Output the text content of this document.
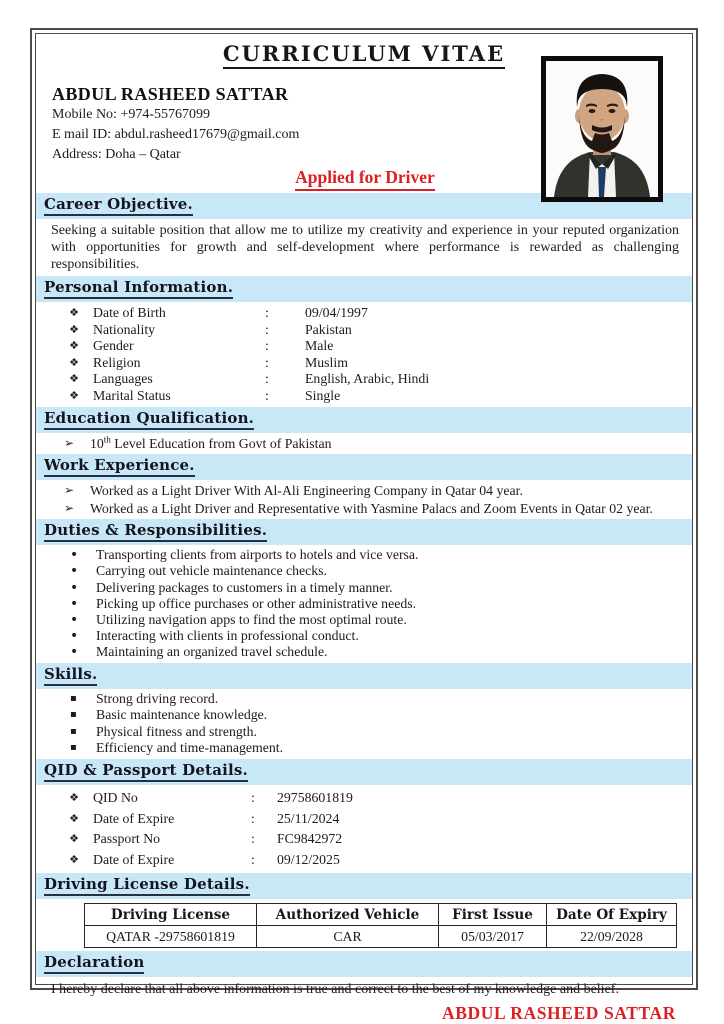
CURRICULUM VITAE
ABDUL RASHEED SATTAR
Mobile No: +974-55767099
E mail ID: abdul.rasheed17679@gmail.com
Address: Doha – Qatar
Applied for Driver
Career Objective.
Seeking a suitable position that allow me to utilize my creativity and experience in your reputed organization with opportunities for growth and self-development where performance is rewarded as challenging responsibilities.
Personal Information.
❖	Date of Birth	:	09/04/1997
❖	Nationality	:	Pakistan
❖	Gender	:	Male
❖	Religion	:	Muslim
❖	Languages	:	English, Arabic, Hindi
❖	Marital Status	:	Single
Education Qualification.
➢	10th Level Education from Govt of Pakistan
Work Experience.
➢	Worked as a Light Driver With Al-Ali Engineering Company in Qatar 04 year.
➢	Worked as a Light Driver and Representative with Yasmine Palacs and Zoom Events in Qatar 02 year.
Duties & Responsibilities.
•	Transporting clients from airports to hotels and vice versa.
•	Carrying out vehicle maintenance checks.
•	Delivering packages to customers in a timely manner.
•	Picking up office purchases or other administrative needs.
•	Utilizing navigation apps to find the most optimal route.
•	Interacting with clients in professional conduct.
•	Maintaining an organized travel schedule.
Skills.
▪	Strong driving record.
▪	Basic maintenance knowledge.
▪	Physical fitness and strength.
▪	Efficiency and time-management.
QID & Passport Details.
❖	QID No	:	29758601819
❖	Date of Expire	:	25/11/2024
❖	Passport No	:	FC9842972
❖	Date of Expire	:	09/12/2025
Driving License Details.
Driving License	Authorized Vehicle	First Issue	Date Of Expiry
QATAR -29758601819	CAR	05/03/2017	22/09/2028
Declaration
I hereby declare that all above information is true and correct to the best of my knowledge and belief.
ABDUL RASHEED SATTAR
